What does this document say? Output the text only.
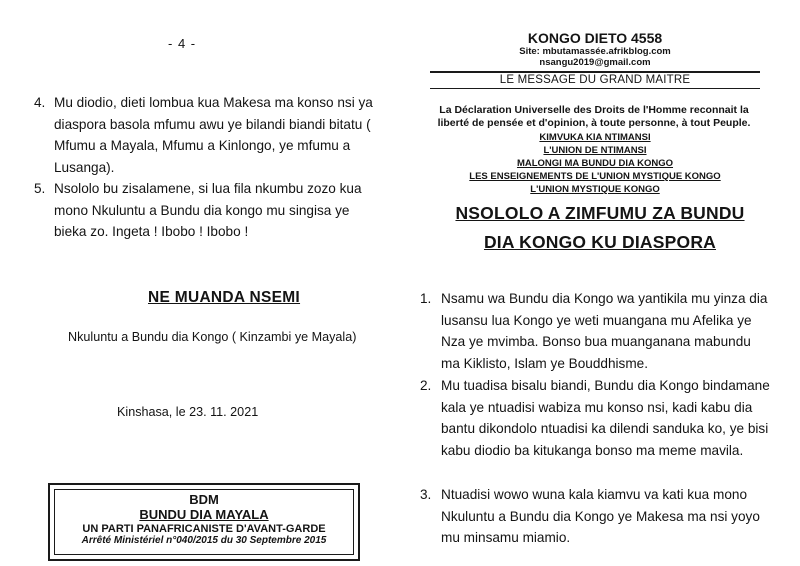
- 4 -
4. Mu diodio, dieti lombua kua Makesa ma konso nsi ya diaspora basola mfumu awu ye bilandi biandi bitatu ( Mfumu a Mayala, Mfumu a Kinlongo, ye mfumu a Lusanga).
5. Nsololo bu zisalamene, si lua fila nkumbu zozo kua mono Nkuluntu a Bundu dia kongo mu singisa ye bieka zo. Ingeta ! Ibobo ! Ibobo !
NE MUANDA NSEMI
Nkuluntu a Bundu dia Kongo ( Kinzambi ye Mayala)
Kinshasa, le 23. 11. 2021
BDM
BUNDU DIA MAYALA
UN PARTI PANAFRICANISTE D'AVANT-GARDE
Arrêté Ministériel n°040/2015 du 30 Septembre 2015
KONGO DIETO 4558
Site: mbutamassée.afrikblog.com
nsangu2019@gmail.com
LE MESSAGE DU GRAND MAITRE
La Déclaration Universelle des Droits de l'Homme reconnait la liberté de pensée et d'opinion, à toute personne, à tout Peuple.
KIMVUKA KIA NTIMANSI
L'UNION DE NTIMANSI
MALONGI MA BUNDU DIA KONGO
LES ENSEIGNEMENTS DE L'UNION MYSTIQUE KONGO
L'UNION MYSTIQUE KONGO
NSOLOLO A ZIMFUMU ZA BUNDU
DIA KONGO KU DIASPORA
1. Nsamu wa Bundu dia Kongo wa yantikila mu yinza dia lusansu lua Kongo ye weti muangana mu Afelika ye Nza ye mvimba. Bonso bua muanganana mabundu ma Kiklisto, Islam ye Bouddhisme.
2. Mu tuadisa bisalu biandi, Bundu dia Kongo bindamane kala ye ntuadisi wabiza mu konso nsi, kadi kabu dia bantu dikondolo ntuadisi ka dilendi sanduka ko, ye bisi kabu diodio ba kitukanga bonso ma meme mavila.
3. Ntuadisi wowo wuna kala kiamvu va kati kua mono Nkuluntu a Bundu dia Kongo ye Makesa ma nsi yoyo mu minsamu miamio.
